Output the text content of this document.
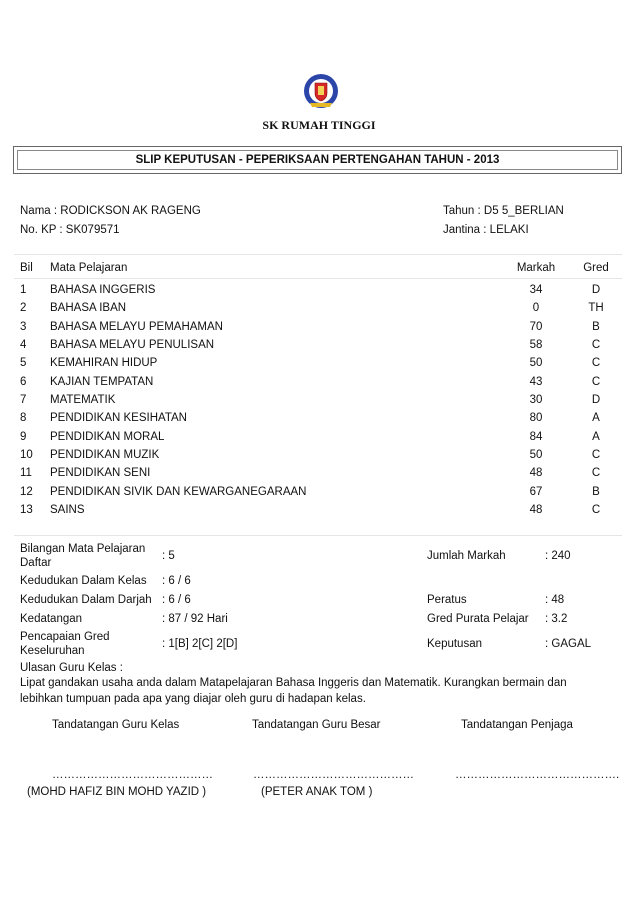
SK RUMAH TINGGI
SLIP KEPUTUSAN - PEPERIKSAAN PERTENGAHAN TAHUN - 2013
Nama : RODICKSON AK RAGENG
No. KP : SK079571
Tahun : D5 5_BERLIAN
Jantina : LELAKI
Bil Mata Pelajaran	Markah	Gred
1 BAHASA INGGERIS	34	D
2 BAHASA IBAN	0	TH
3 BAHASA MELAYU PEMAHAMAN	70	B
4 BAHASA MELAYU PENULISAN	58	C
5 KEMAHIRAN HIDUP	50	C
6 KAJIAN TEMPATAN	43	C
7 MATEMATIK	30	D
8 PENDIDIKAN KESIHATAN	80	A
9 PENDIDIKAN MORAL	84	A
10 PENDIDIKAN MUZIK	50	C
11 PENDIDIKAN SENI	48	C
12 PENDIDIKAN SIVIK DAN KEWARGANEGARAAN	67	B
13 SAINS	48	C
Bilangan Mata Pelajaran Daftar
: 5	Jumlah Markah	: 240
Kedudukan Dalam Kelas : 6 / 6
Kedudukan Dalam Darjah : 6 / 6	Peratus	: 48
Kedatangan	: 87 / 92 Hari	Gred Purata Pelajar : 3.2
Pencapaian Gred Keseluruhan
: 1[B] 2[C] 2[D]	Keputusan	: GAGAL
Ulasan Guru Kelas :
Lipat gandakan usaha anda dalam Matapelajaran Bahasa Inggeris dan Matematik. Kurangkan bermain dan lebihkan tumpuan pada apa yang diajar oleh guru di hadapan kelas.
Tandatangan Guru Kelas	Tandatangan Guru Besar	Tandatangan Penjaga
……………………………………	……………………………………	…………………………………….
(MOHD HAFIZ BIN MOHD YAZID )	(PETER ANAK TOM )
